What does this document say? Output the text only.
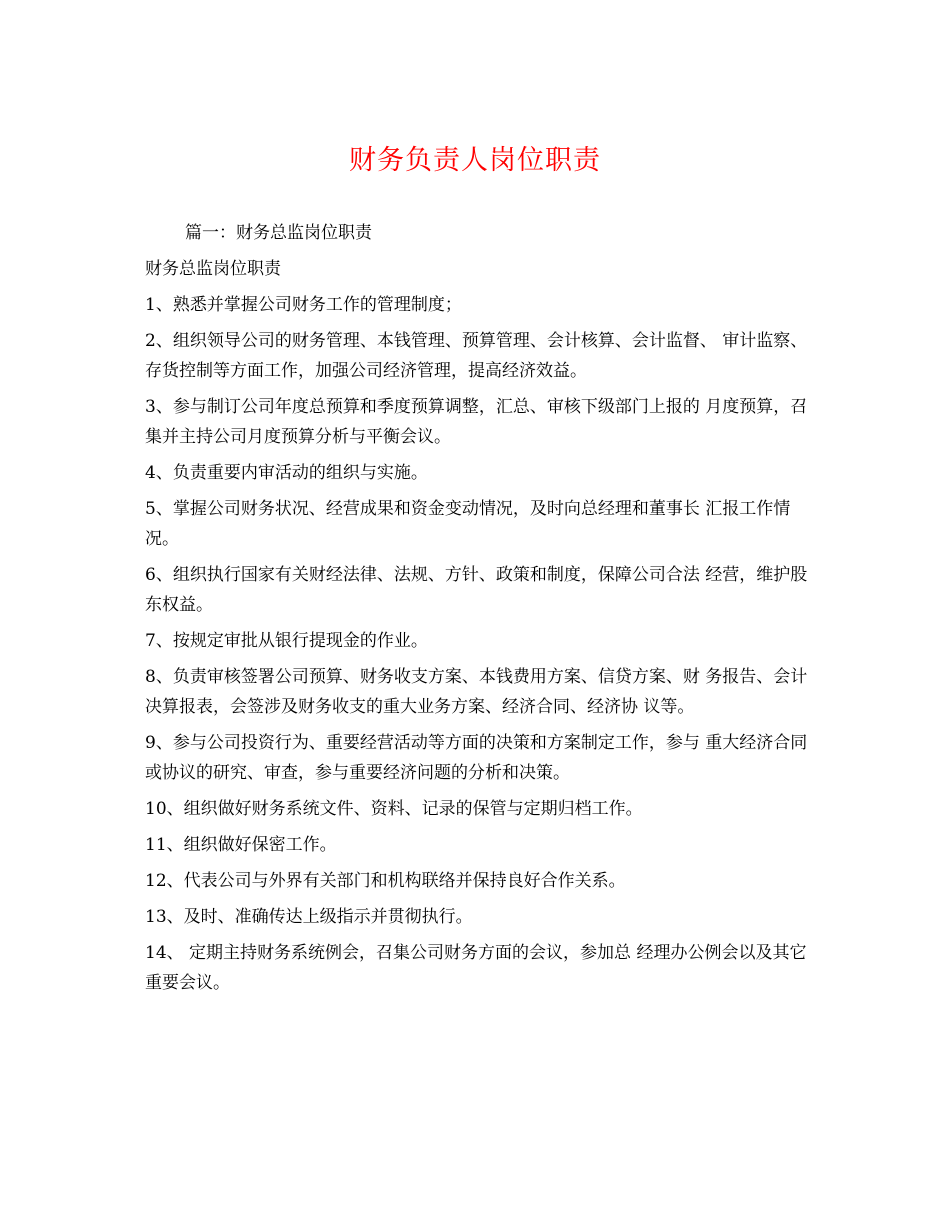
财务负责人岗位职责

篇一：财务总监岗位职责

财务总监岗位职责

1、熟悉并掌握公司财务工作的管理制度；

2、组织领导公司的财务管理、本钱管理、预算管理、会计核算、会计监督、 审计监察、存货控制等方面工作，加强公司经济管理，提高经济效益。

3、参与制订公司年度总预算和季度预算调整，汇总、审核下级部门上报的 月度预算，召集并主持公司月度预算分析与平衡会议。

4、负责重要内审活动的组织与实施。

5、掌握公司财务状况、经营成果和资金变动情况，及时向总经理和董事长 汇报工作情况。

6、组织执行国家有关财经法律、法规、方针、政策和制度，保障公司合法 经营，维护股东权益。

7、按规定审批从银行提现金的作业。

8、负责审核签署公司预算、财务收支方案、本钱费用方案、信贷方案、财 务报告、会计决算报表，会签涉及财务收支的重大业务方案、经济合同、经济协 议等。

9、参与公司投资行为、重要经营活动等方面的决策和方案制定工作，参与 重大经济合同或协议的研究、审查，参与重要经济问题的分析和决策。

10、组织做好财务系统文件、资料、记录的保管与定期归档工作。

11、组织做好保密工作。

12、代表公司与外界有关部门和机构联络并保持良好合作关系。

13、及时、准确传达上级指示并贯彻执行。

14、 定期主持财务系统例会，召集公司财务方面的会议，参加总 经理办公例会以及其它重要会议。
